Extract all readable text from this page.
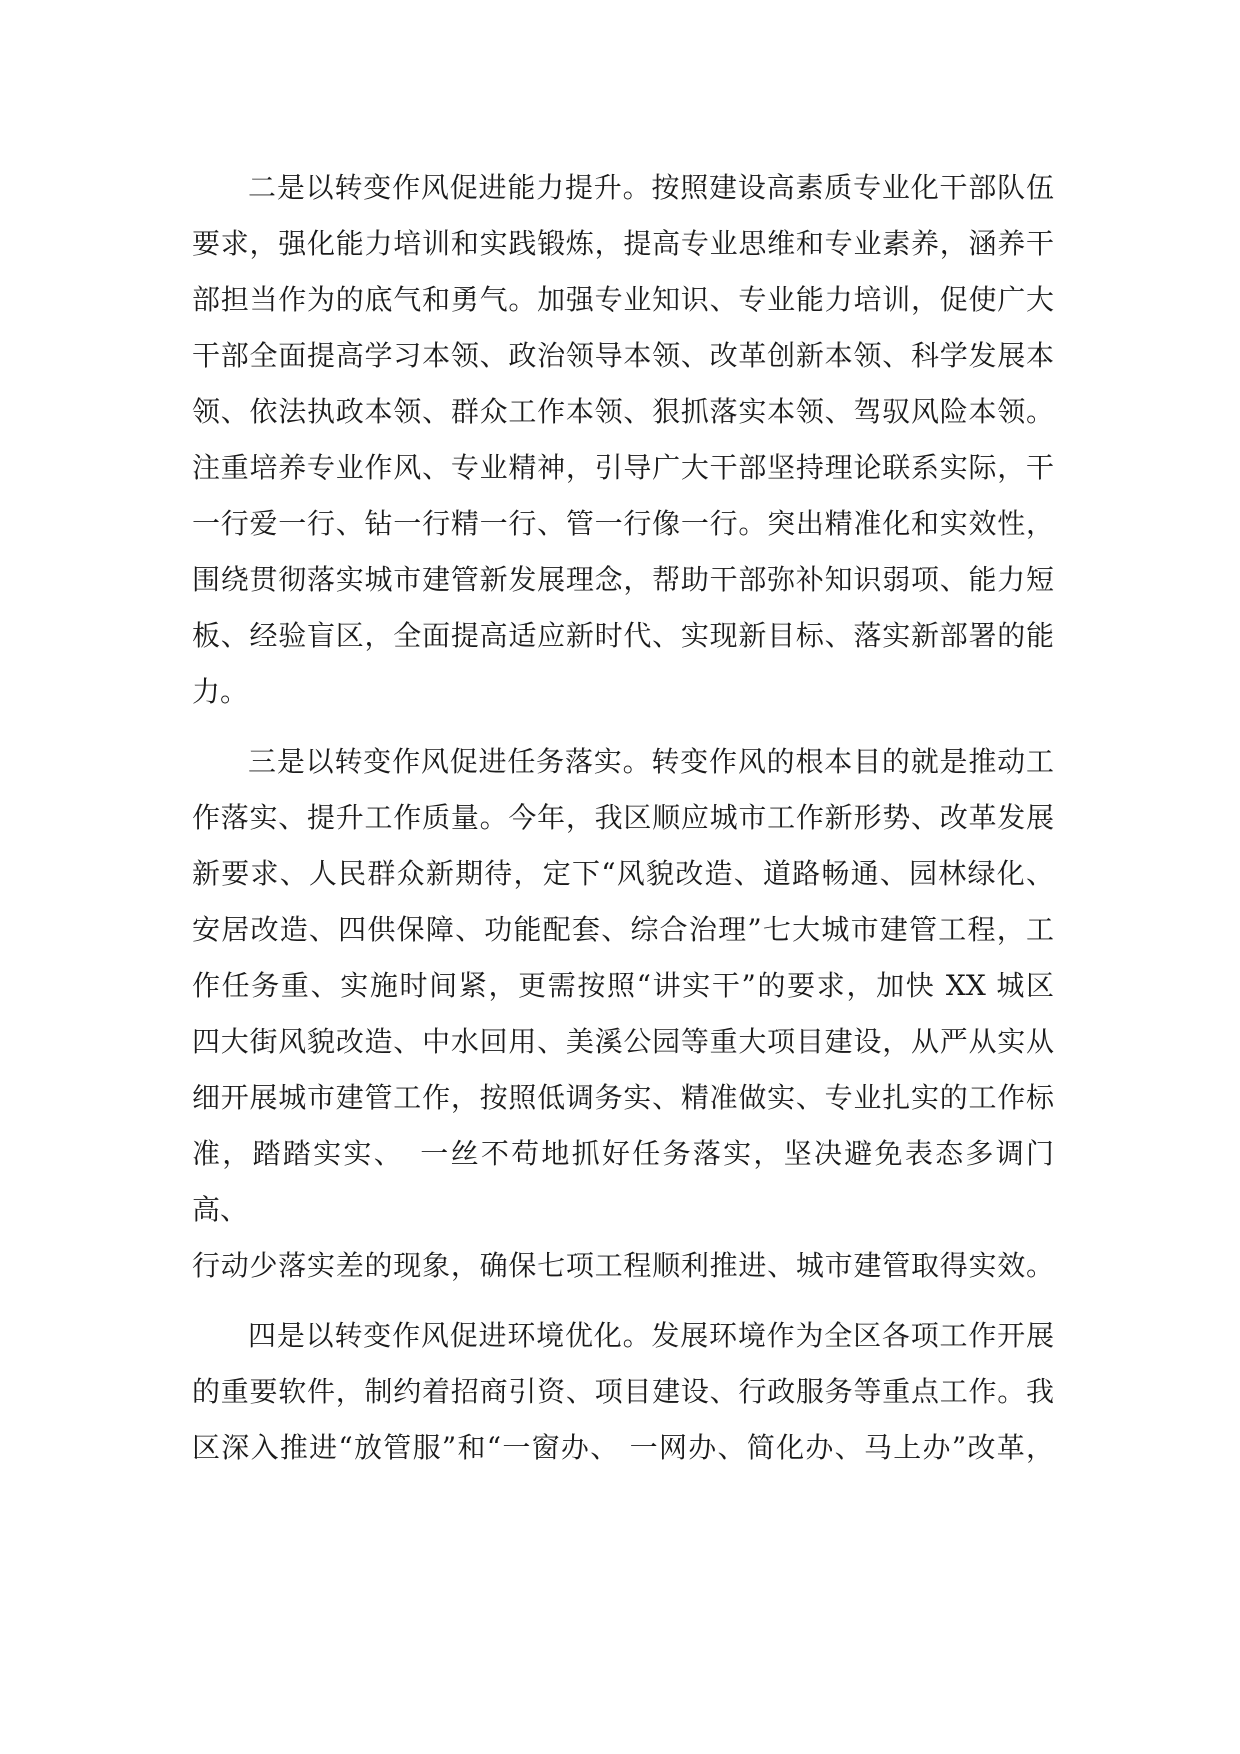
二是以转变作风促进能力提升。按照建设高素质专业化干部队伍
要求，强化能力培训和实践锻炼，提高专业思维和专业素养，涵养干
部担当作为的底气和勇气。加强专业知识、专业能力培训，促使广大
干部全面提高学习本领、政治领导本领、改革创新本领、科学发展本
领、依法执政本领、群众工作本领、狠抓落实本领、驾驭风险本领。
注重培养专业作风、专业精神，引导广大干部坚持理论联系实际，干
一行爱一行、钻一行精一行、管一行像一行。突出精准化和实效性，
围绕贯彻落实城市建管新发展理念，帮助干部弥补知识弱项、能力短
板、经验盲区，全面提高适应新时代、实现新目标、落实新部署的能
力。
三是以转变作风促进任务落实。转变作风的根本目的就是推动工
作落实、提升工作质量。今年，我区顺应城市工作新形势、改革发展
新要求、人民群众新期待，定下“风貌改造、道路畅通、园林绿化、
安居改造、四供保障、功能配套、综合治理”七大城市建管工程，工
作任务重、实施时间紧，更需按照“讲实干”的要求，加快 XX 城区
四大街风貌改造、中水回用、美溪公园等重大项目建设，从严从实从
细开展城市建管工作，按照低调务实、精准做实、专业扎实的工作标
准，踏踏实实、　一丝不苟地抓好任务落实，坚决避免表态多调门
高、
行动少落实差的现象，确保七项工程顺利推进、城市建管取得实效。
四是以转变作风促进环境优化。发展环境作为全区各项工作开展
的重要软件，制约着招商引资、项目建设、行政服务等重点工作。我
区深入推进“放管服”和“一窗办、 一网办、简化办、马上办”改革，
